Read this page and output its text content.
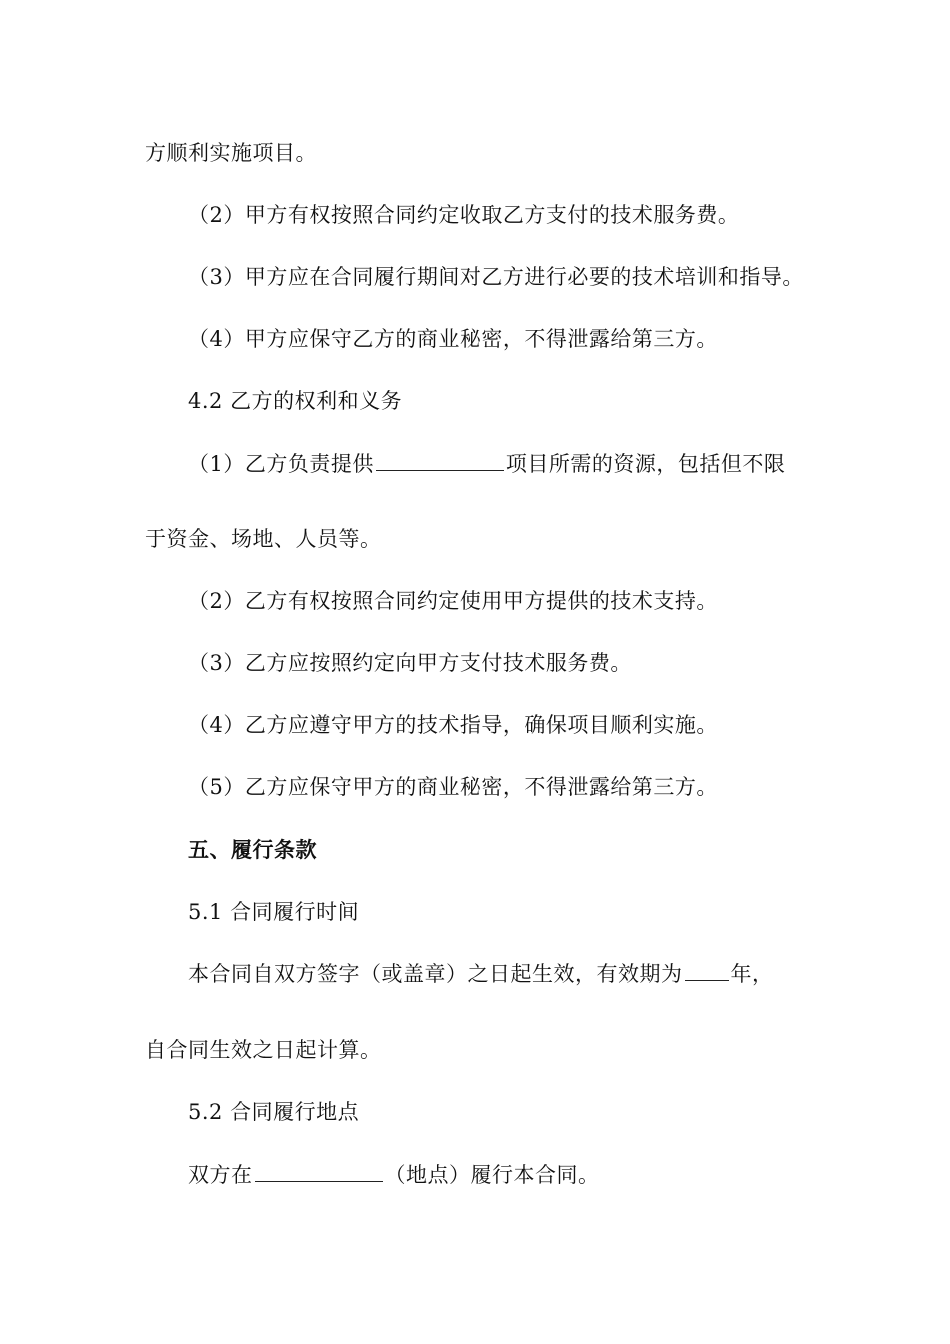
方顺利实施项目。
（2）甲方有权按照合同约定收取乙方支付的技术服务费。
（3）甲方应在合同履行期间对乙方进行必要的技术培训和指导。
（4）甲方应保守乙方的商业秘密，不得泄露给第三方。
4.2 乙方的权利和义务
（1）乙方负责提供	项目所需的资源，包括但不限
于资金、场地、人员等。
（2）乙方有权按照合同约定使用甲方提供的技术支持。
（3）乙方应按照约定向甲方支付技术服务费。
（4）乙方应遵守甲方的技术指导，确保项目顺利实施。
（5）乙方应保守甲方的商业秘密，不得泄露给第三方。
五、履行条款
5.1 合同履行时间
本合同自双方签字（或盖章）之日起生效，有效期为 年，
自合同生效之日起计算。
5.2 合同履行地点
双方在	（地点）履行本合同。
